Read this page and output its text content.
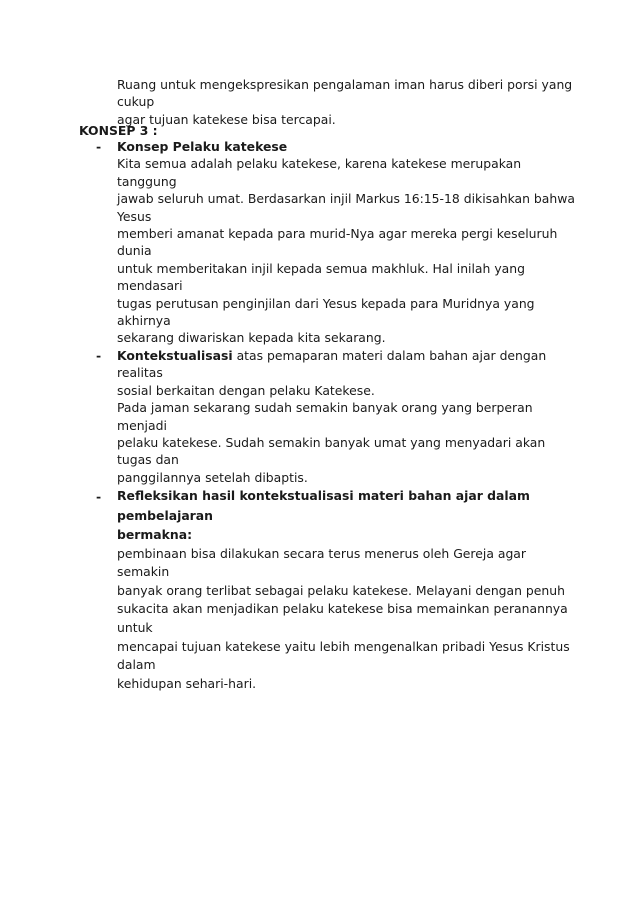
Ruang untuk mengekspresikan pengalaman iman harus diberi porsi yang cukup

agar tujuan katekese bisa tercapai.

KONSEP 3 :

- Konsep Pelaku katekese

Kita semua adalah pelaku katekese, karena katekese merupakan tanggung

jawab seluruh umat. Berdasarkan injil Markus 16:15-18 dikisahkan bahwa Yesus

memberi amanat kepada para murid-Nya agar mereka pergi keseluruh dunia

untuk memberitakan injil kepada semua makhluk. Hal inilah yang mendasari

tugas perutusan penginjilan dari Yesus kepada para Muridnya yang akhirnya

sekarang diwariskan kepada kita sekarang.

- Kontekstualisasi atas pemaparan materi dalam bahan ajar dengan realitas

sosial berkaitan dengan pelaku Katekese.

Pada jaman sekarang sudah semakin banyak orang yang berperan menjadi

pelaku katekese. Sudah semakin banyak umat yang menyadari akan tugas dan

panggilannya setelah dibaptis.

- Refleksikan hasil kontekstualisasi materi bahan ajar dalam pembelajaran

bermakna:

pembinaan bisa dilakukan secara terus menerus oleh Gereja agar semakin

banyak orang terlibat sebagai pelaku katekese. Melayani dengan penuh

sukacita akan menjadikan pelaku katekese bisa memainkan peranannya untuk

mencapai tujuan katekese yaitu lebih mengenalkan pribadi Yesus Kristus dalam

kehidupan sehari-hari.
